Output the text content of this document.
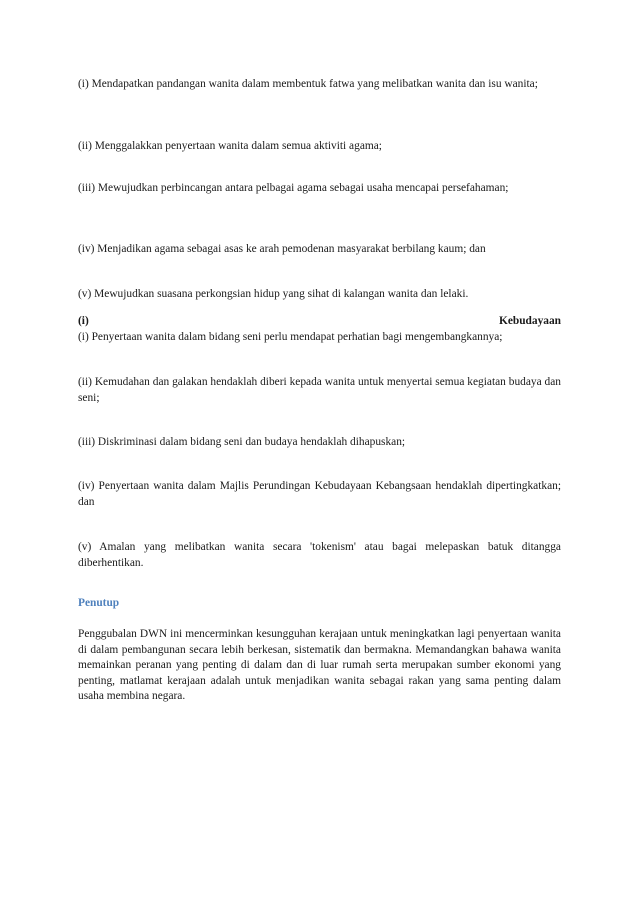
(i) Mendapatkan pandangan wanita dalam membentuk fatwa yang melibatkan wanita dan isu wanita;

(ii) Menggalakkan penyertaan wanita dalam semua aktiviti agama;

(iii) Mewujudkan perbincangan antara pelbagai agama sebagai usaha mencapai persefahaman;

(iv) Menjadikan agama sebagai asas ke arah pemodenan masyarakat berbilang kaum; dan

(v) Mewujudkan suasana perkongsian hidup yang sihat di kalangan wanita dan lelaki.

(i)	Kebudayaan

(i) Penyertaan wanita dalam bidang seni perlu mendapat perhatian bagi mengembangkannya;

(ii) Kemudahan dan galakan hendaklah diberi kepada wanita untuk menyertai semua kegiatan budaya dan seni;

(iii) Diskriminasi dalam bidang seni dan budaya hendaklah dihapuskan;

(iv) Penyertaan wanita dalam Majlis Perundingan Kebudayaan Kebangsaan hendaklah dipertingkatkan; dan

(v) Amalan yang melibatkan wanita secara 'tokenism' atau bagai melepaskan batuk ditangga diberhentikan.

Penutup

Penggubalan DWN ini mencerminkan kesungguhan kerajaan untuk meningkatkan lagi penyertaan wanita di dalam pembangunan secara lebih berkesan, sistematik dan bermakna. Memandangkan bahawa wanita memainkan peranan yang penting di dalam dan di luar rumah serta merupakan sumber ekonomi yang penting, matlamat kerajaan adalah untuk menjadikan wanita sebagai rakan yang sama penting dalam usaha membina negara.
